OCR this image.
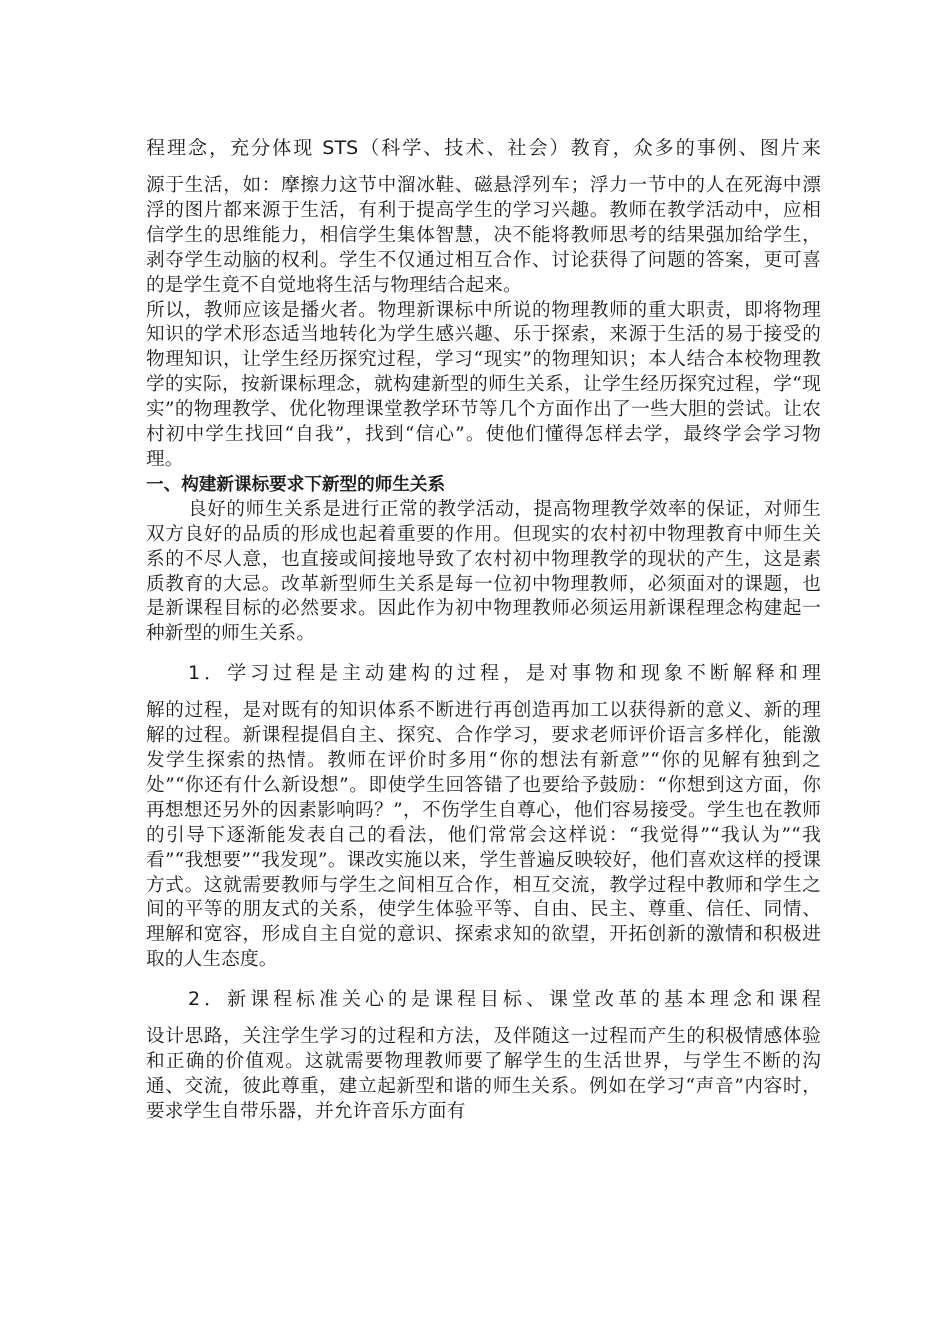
程理念，充分体现 STS（科学、技术、社会）教育，众多的事例、图片来

源于生活，如：摩擦力这节中溜冰鞋、磁悬浮列车；浮力一节中的人在死海中漂浮的图片都来源于生活，有利于提高学生的学习兴趣。教师在教学活动中，应相信学生的思维能力，相信学生集体智慧，决不能将教师思考的结果强加给学生，剥夺学生动脑的权利。学生不仅通过相互合作、讨论获得了问题的答案，更可喜的是学生竟不自觉地将生活与物理结合起来。

所以，教师应该是播火者。物理新课标中所说的物理教师的重大职责，即将物理知识的学术形态适当地转化为学生感兴趣、乐于探索，来源于生活的易于接受的物理知识，让学生经历探究过程，学习“现实”的物理知识；本人结合本校物理教学的实际，按新课标理念，就构建新型的师生关系，让学生经历探究过程，学“现实”的物理教学、优化物理课堂教学环节等几个方面作出了一些大胆的尝试。让农村初中学生找回“自我”，找到“信心”。使他们懂得怎样去学，最终学会学习物理。

一、构建新课标要求下新型的师生关系

良好的师生关系是进行正常的教学活动，提高物理教学效率的保证，对师生双方良好的品质的形成也起着重要的作用。但现实的农村初中物理教育中师生关系的不尽人意，也直接或间接地导致了农村初中物理教学的现状的产生，这是素质教育的大忌。改革新型师生关系是每一位初中物理教师，必须面对的课题，也是新课程目标的必然要求。因此作为初中物理教师必须运用新课程理念构建起一种新型的师生关系。

1．学习过程是主动建构的过程，是对事物和现象不断解释和理

解的过程，是对既有的知识体系不断进行再创造再加工以获得新的意义、新的理解的过程。新课程提倡自主、探究、合作学习，要求老师评价语言多样化，能激发学生探索的热情。教师在评价时多用“你的想法有新意”“你的见解有独到之处”“你还有什么新设想”。即使学生回答错了也要给予鼓励：“你想到这方面，你再想想还另外的因素影响吗？”，不伤学生自尊心，他们容易接受。学生也在教师的引导下逐渐能发表自己的看法，他们常常会这样说：“我觉得”“我认为”“我看”“我想要”“我发现”。课改实施以来，学生普遍反映较好，他们喜欢这样的授课方式。这就需要教师与学生之间相互合作，相互交流，教学过程中教师和学生之间的平等的朋友式的关系，使学生体验平等、自由、民主、尊重、信任、同情、理解和宽容，形成自主自觉的意识、探索求知的欲望，开拓创新的激情和积极进取的人生态度。

2．新课程标准关心的是课程目标、课堂改革的基本理念和课程

设计思路，关注学生学习的过程和方法，及伴随这一过程而产生的积极情感体验和正确的价值观。这就需要物理教师要了解学生的生活世界，与学生不断的沟通、交流，彼此尊重，建立起新型和谐的师生关系。例如在学习“声音”内容时，要求学生自带乐器，并允许音乐方面有
